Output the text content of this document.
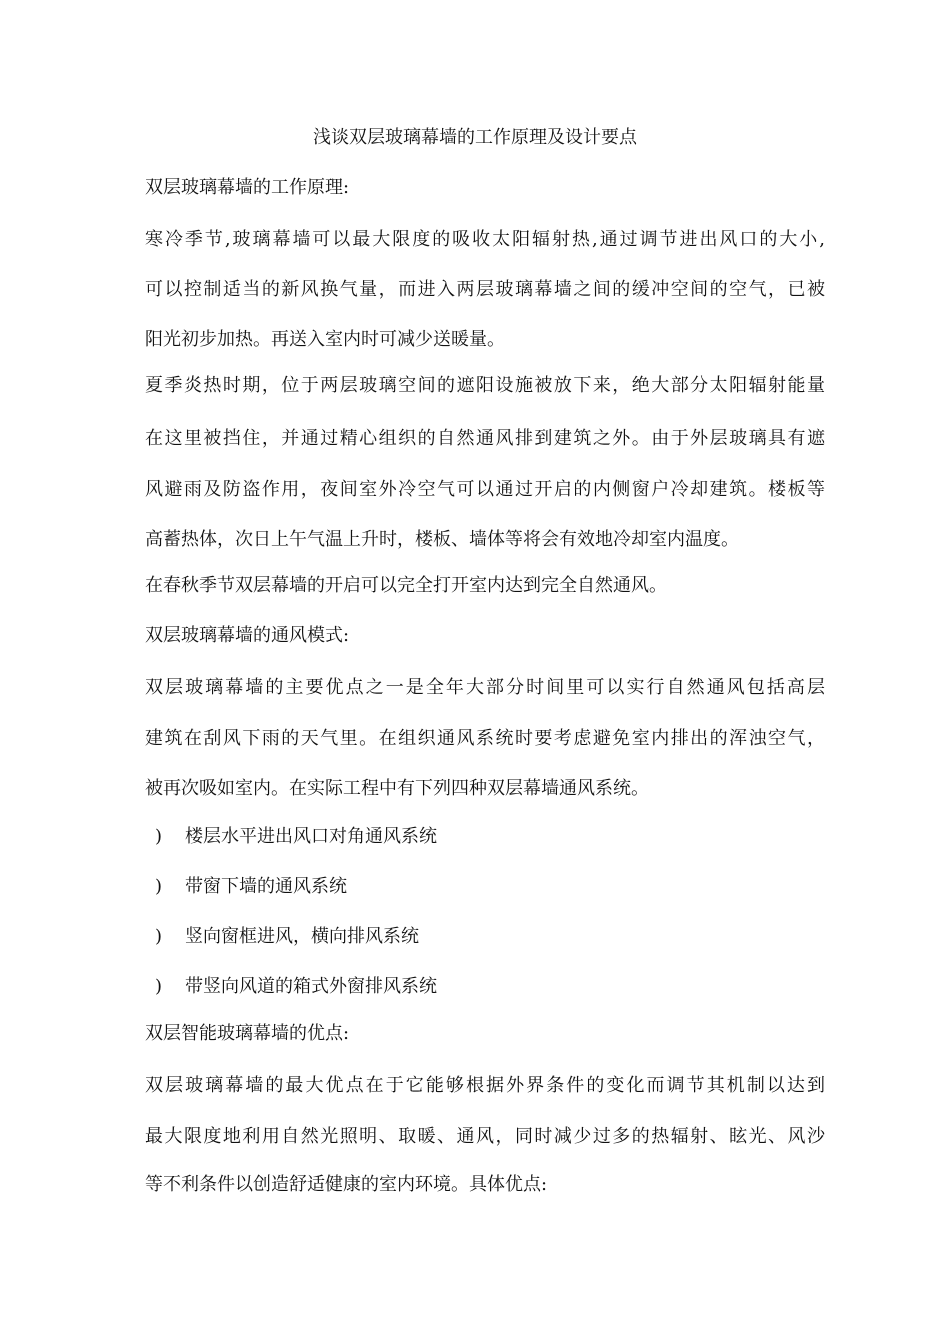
浅谈双层玻璃幕墙的工作原理及设计要点
双层玻璃幕墙的工作原理:
寒冷季节,玻璃幕墙可以最大限度的吸收太阳辐射热,通过调节进出风口的大小,
可以控制适当的新风换气量，而进入两层玻璃幕墙之间的缓冲空间的空气，已被
阳光初步加热。再送入室内时可减少送暖量。
夏季炎热时期，位于两层玻璃空间的遮阳设施被放下来，绝大部分太阳辐射能量
在这里被挡住，并通过精心组织的自然通风排到建筑之外。由于外层玻璃具有遮
风避雨及防盗作用，夜间室外冷空气可以通过开启的内侧窗户冷却建筑。楼板等
高蓄热体，次日上午气温上升时，楼板、墙体等将会有效地冷却室内温度。
在春秋季节双层幕墙的开启可以完全打开室内达到完全自然通风。
双层玻璃幕墙的通风模式:
双层玻璃幕墙的主要优点之一是全年大部分时间里可以实行自然通风包括高层
建筑在刮风下雨的天气里。在组织通风系统时要考虑避免室内排出的浑浊空气，
被再次吸如室内。在实际工程中有下列四种双层幕墙通风系统。
) 楼层水平进出风口对角通风系统
) 带窗下墙的通风系统
) 竖向窗框进风，横向排风系统
) 带竖向风道的箱式外窗排风系统
双层智能玻璃幕墙的优点:
双层玻璃幕墙的最大优点在于它能够根据外界条件的变化而调节其机制以达到
最大限度地利用自然光照明、取暖、通风，同时减少过多的热辐射、眩光、风沙
等不利条件以创造舒适健康的室内环境。具体优点:
